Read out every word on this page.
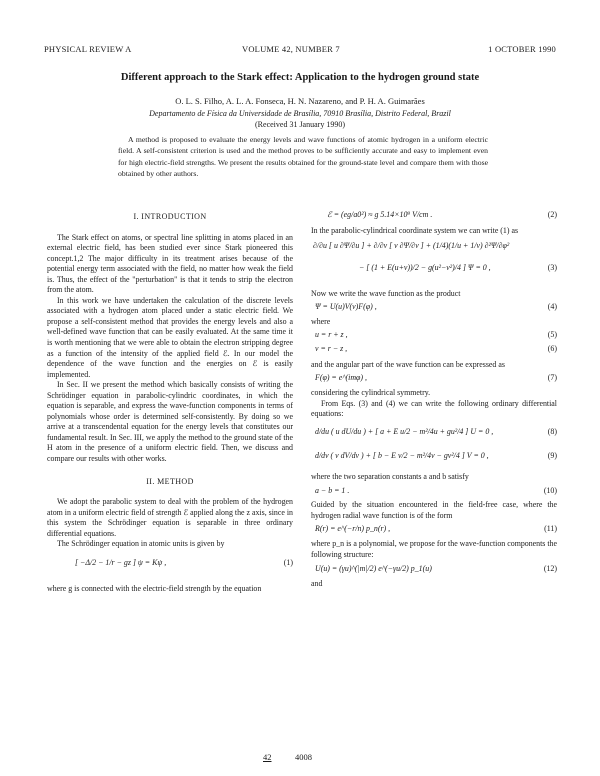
PHYSICAL REVIEW A	VOLUME 42, NUMBER 7	1 OCTOBER 1990
Different approach to the Stark effect: Application to the hydrogen ground state
O. L. S. Filho, A. L. A. Fonseca, H. N. Nazareno, and P. H. A. Guimarães
Departamento de Física da Universidade de Brasília, 70910 Brasília, Distrito Federal, Brazil
(Received 31 January 1990)
A method is proposed to evaluate the energy levels and wave functions of atomic hydrogen in a uniform electric field. A self-consistent criterion is used and the method proves to be sufficiently accurate and easy to implement even for high electric-field strengths. We present the results obtained for the ground-state level and compare them with those obtained by other authors.
I. INTRODUCTION

The Stark effect on atoms, or spectral line splitting in atoms placed in an external electric field, has been studied ever since Stark pioneered this concept.1,2 The major difficulty in its treatment arises because of the potential energy term associated with the field, no matter how weak the field is. Thus, the effect of the "perturbation" is that it tends to strip the electron from the atom.

In this work we have undertaken the calculation of the discrete levels associated with a hydrogen atom placed under a static electric field. We propose a self-consistent method that provides the energy levels and also a well-defined wave function that can be easily evaluated. At the same time it is worth mentioning that we were able to obtain the electron stripping degree as a function of the intensity of the applied field ℰ. In our model the dependence of the wave function and the energies on ℰ is easily implemented.

In Sec. II we present the method which basically consists of writing the Schrödinger equation in parabolic-cylindric coordinates, in which the equation is separable, and express the wave-function components in terms of polynomials whose order is determined self-consistently. By doing so we arrive at a transcendental equation for the energy levels that constitutes our fundamental result. In Sec. III, we apply the method to the ground state of the H atom in the presence of a uniform electric field. Then, we discuss and compare our results with other works.

II. METHOD

We adopt the parabolic system to deal with the problem of the hydrogen atom in a uniform electric field of strength ℰ applied along the z axis, since in this system the Schrödinger equation is separable in three ordinary differential equations.

The Schrödinger equation in atomic units is given by

[ −Δ/2 − 1/r − gz ] ψ = Kψ ,	(1)

where g is connected with the electric-field strength by the equation

ℰ = (eg/a0²) ≈ g 5.14×10⁹ V/cm .	(2)

In the parabolic-cylindrical coordinate system we can write (1) as

∂/∂u [ u ∂Ψ/∂u ] + ∂/∂v [ v ∂Ψ/∂v ] + (1/4)(1/u + 1/v) ∂²Ψ/∂φ²
− [ (1 + E(u+v))/2 − g(u²−v²)/4 ] Ψ = 0 ,	(3)

Now we write the wave function as the product

Ψ = U(u)V(v)F(φ) ,	(4)

where

u = r + z ,	(5)
v = r − z ,	(6)

and the angular part of the wave function can be expressed as

F(φ) = e^(imφ) ,	(7)

considering the cylindrical symmetry.

From Eqs. (3) and (4) we can write the following ordinary differential equations:

d/du ( u dU/du ) + [ a + E u/2 − m²/4u + gu²/4 ] U = 0 ,	(8)
d/dv ( v dV/dv ) + [ b − E v/2 − m²/4v − gv²/4 ] V = 0 ,	(9)

where the two separation constants a and b satisfy

a − b = 1 .	(10)

Guided by the situation encountered in the field-free case, where the hydrogen radial wave function is of the form

R(r) = e^(−r/n) p_n(r) ,	(11)

where p_n is a polynomial, we propose for the wave-function components the following structure:

U(u) = (γu)^(|m|/2) e^(−γu/2) p_1(u)	(12)

and

42	4008
